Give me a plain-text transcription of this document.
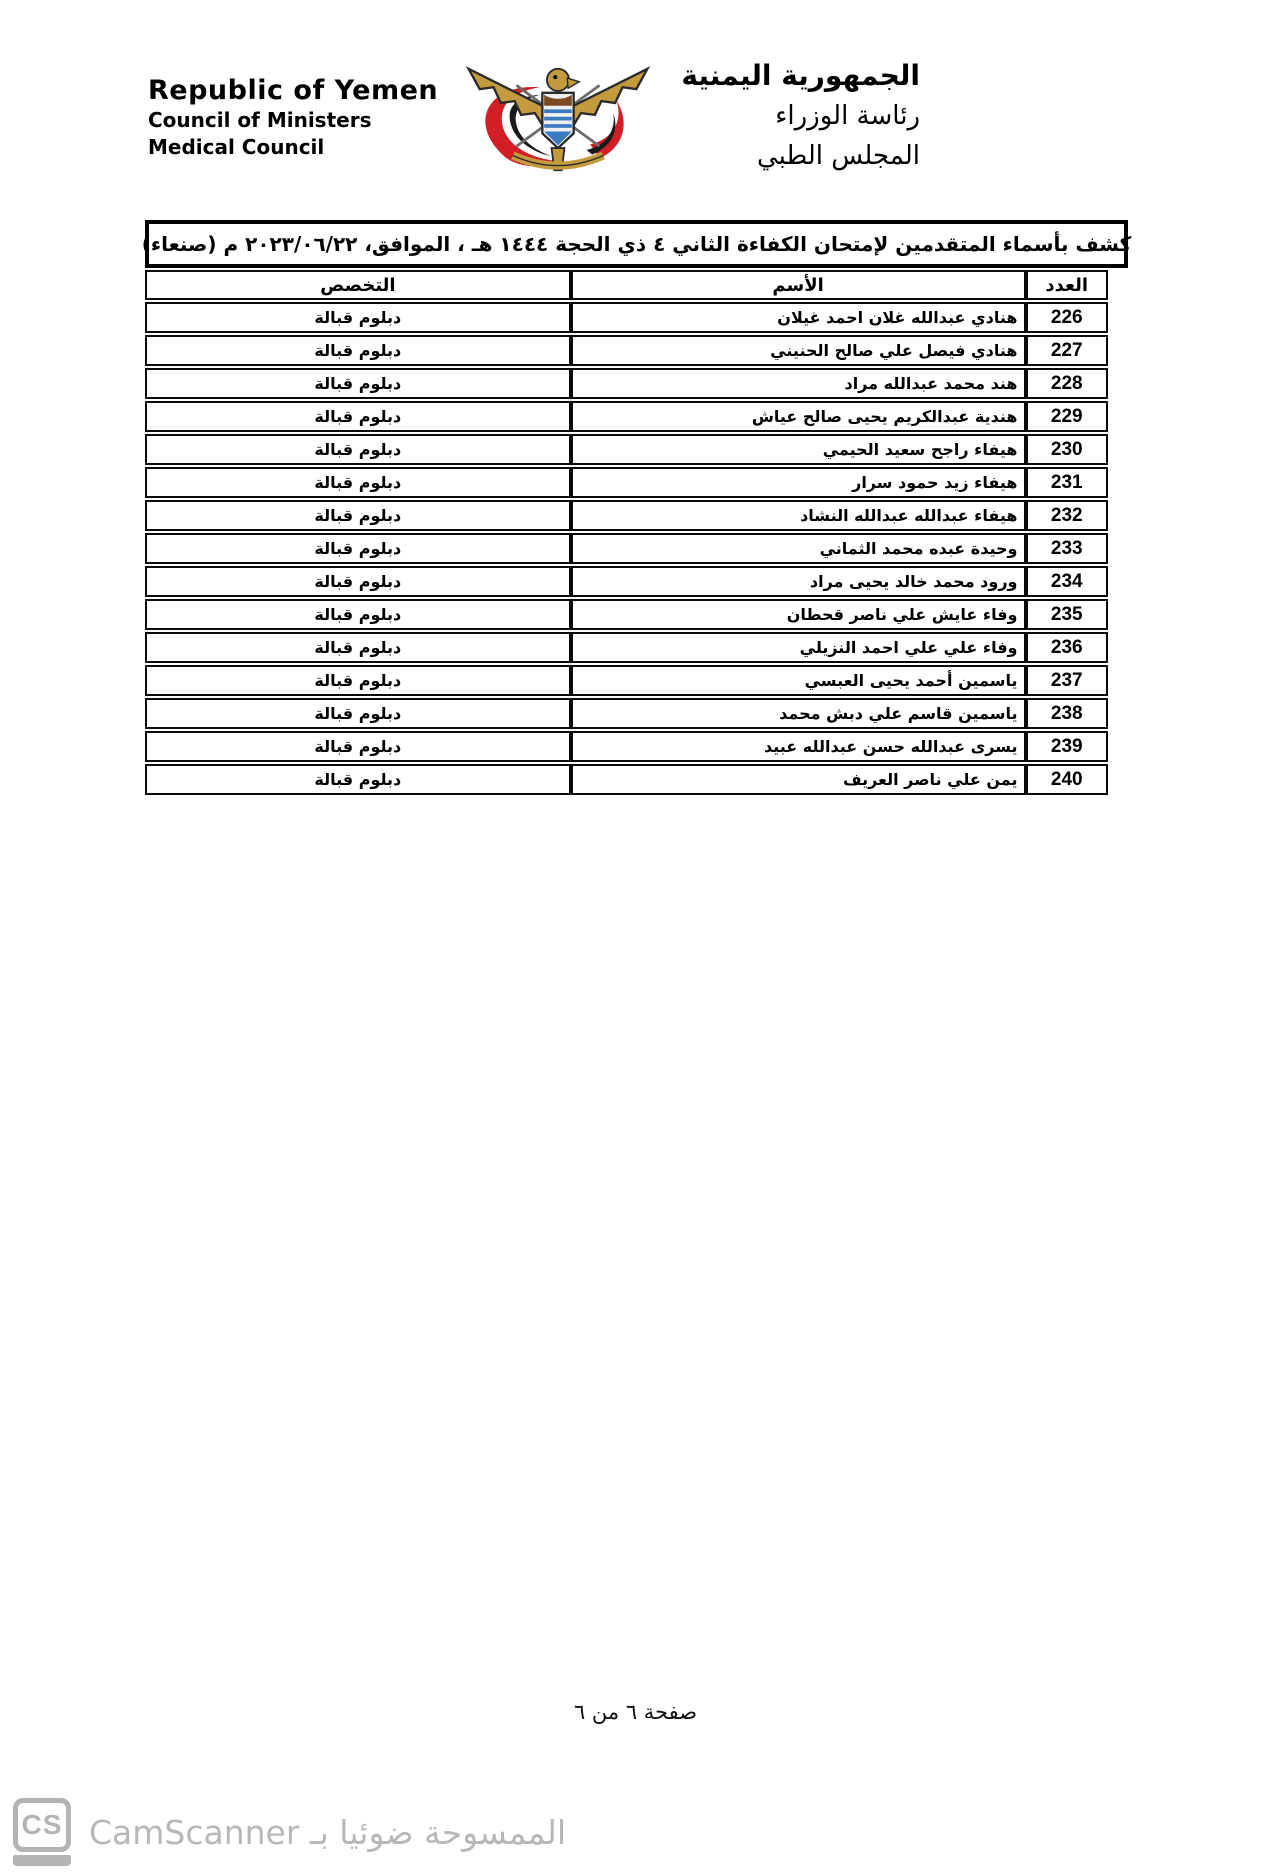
Republic of Yemen
Council of Ministers
Medical Council
الجمهورية اليمنية
رئاسة الوزراء
المجلس الطبي
كشف بأسماء المتقدمين لإمتحان الكفاءة الثاني ٤ ذي الحجة ١٤٤٤ هـ ، الموافق، ٢٠٢٣/٠٦/٢٢ م (صنعاء)
العدد	الأسم	التخصص
226	هنادي عبدالله غلان احمد غيلان	دبلوم قبالة
227	هنادي فيصل علي صالح الحنيني	دبلوم قبالة
228	هند محمد عبدالله مراد	دبلوم قبالة
229	هندية عبدالكريم يحيى صالح عياش	دبلوم قبالة
230	هيفاء راجح سعيد الحيمي	دبلوم قبالة
231	هيفاء زيد حمود سرار	دبلوم قبالة
232	هيفاء عبدالله عبدالله النشاد	دبلوم قبالة
233	وحيدة عبده محمد الثماني	دبلوم قبالة
234	ورود محمد خالد يحيى مراد	دبلوم قبالة
235	وفاء عايش علي ناصر قحطان	دبلوم قبالة
236	وفاء علي علي احمد النزيلي	دبلوم قبالة
237	ياسمين أحمد يحيى العبسي	دبلوم قبالة
238	ياسمين قاسم علي دبش محمد	دبلوم قبالة
239	يسرى عبدالله حسن عبدالله عبيد	دبلوم قبالة
240	يمن علي ناصر العريف	دبلوم قبالة
صفحة ٦ من ٦
CS الممسوحة ضوئيا بـ CamScanner
